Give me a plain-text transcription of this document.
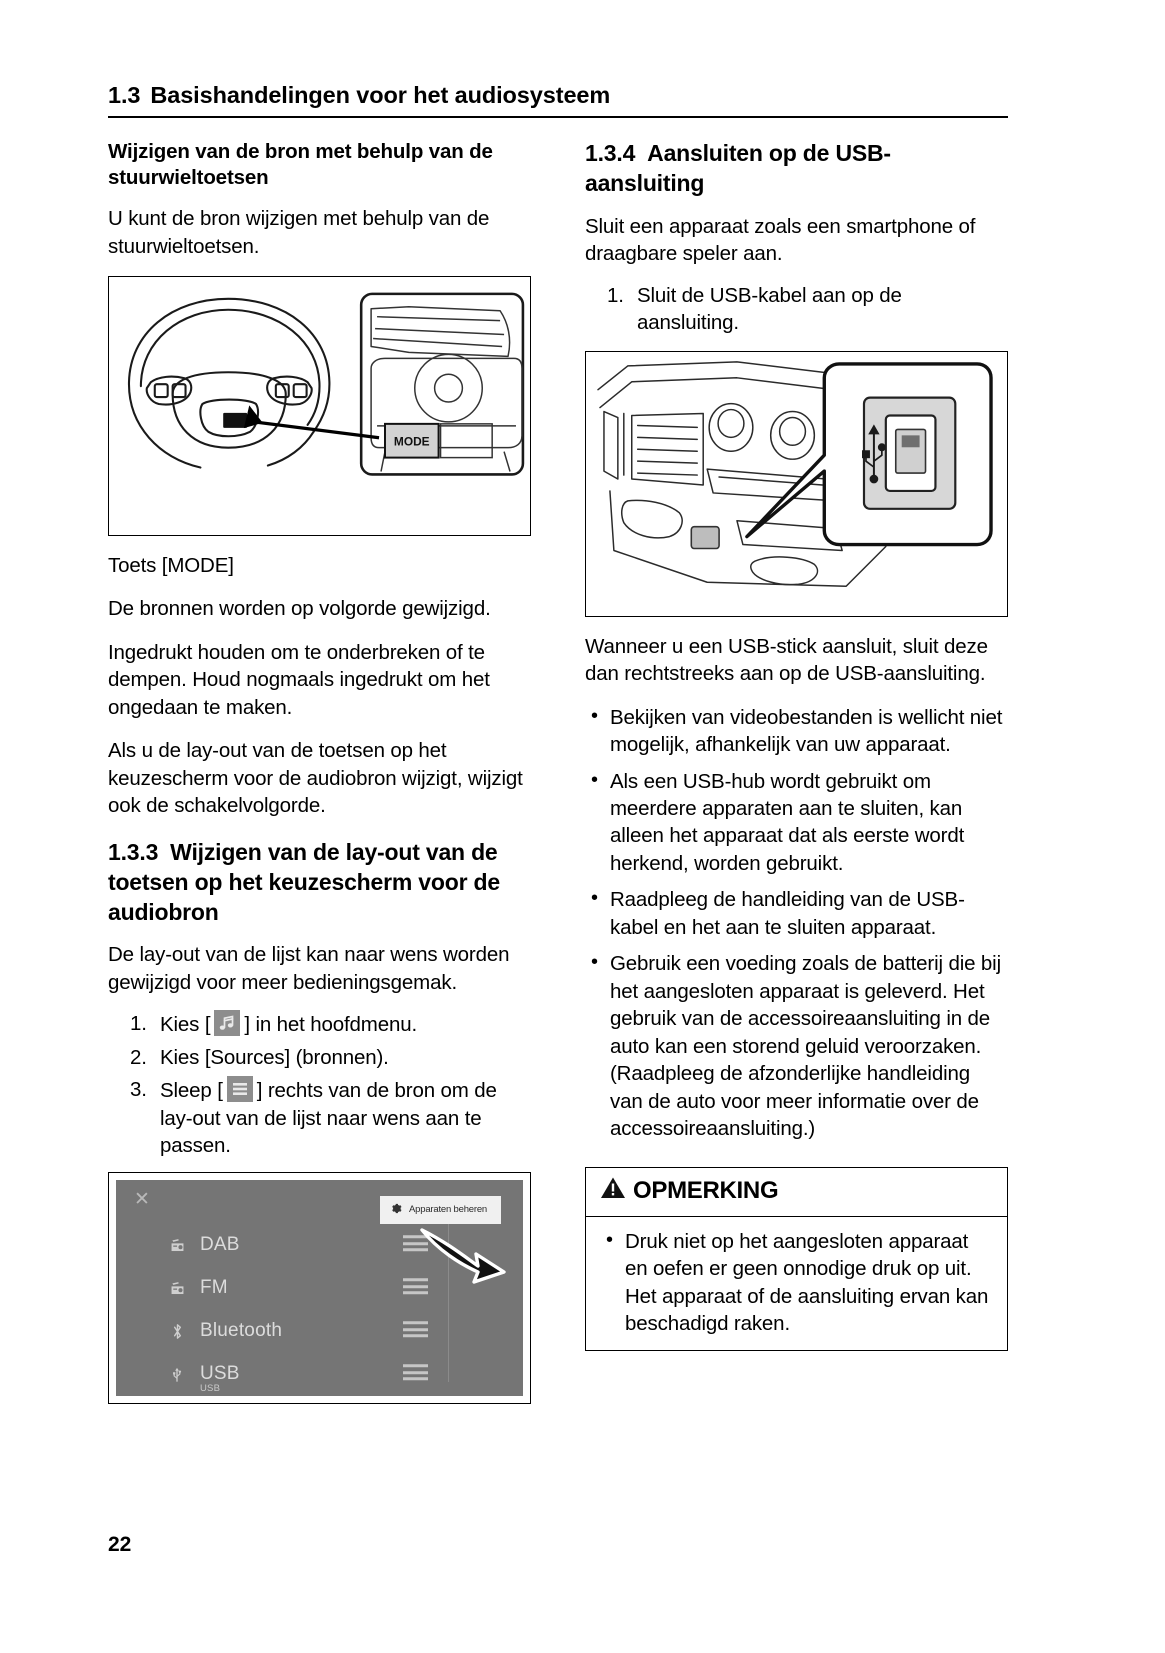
1.3 Basishandelingen voor het audiosysteem
Wijzigen van de bron met behulp van de stuurwieltoetsen

U kunt de bron wijzigen met behulp van de stuurwieltoetsen.

MODE

Toets [MODE]

De bronnen worden op volgorde gewijzigd.

Ingedrukt houden om te onderbreken of te dempen. Houd nogmaals ingedrukt om het ongedaan te maken.

Als u de lay-out van de toetsen op het keuzescherm voor de audiobron wijzigt, wijzigt ook de schakelvolgorde.

1.3.3 Wijzigen van de lay-out van de toetsen op het keuzescherm voor de audiobron

De lay-out van de lijst kan naar wens worden gewijzigd voor meer bedieningsgemak.

1. Kies [ ] in het hoofdmenu.
2. Kies [Sources] (bronnen).
3. Sleep [ ] rechts van de bron om de lay-out van de lijst naar wens aan te passen.
✕	Apparaten beheren
DAB
FM
Bluetooth
USB
USB
1.3.4 Aansluiten op de USB-aansluiting

Sluit een apparaat zoals een smartphone of draagbare speler aan.

1. Sluit de USB-kabel aan op de aansluiting.

Wanneer u een USB-stick aansluit, sluit deze dan rechtstreeks aan op de USB-aansluiting.

• Bekijken van videobestanden is wellicht niet mogelijk, afhankelijk van uw apparaat.
• Als een USB-hub wordt gebruikt om meerdere apparaten aan te sluiten, kan alleen het apparaat dat als eerste wordt herkend, worden gebruikt.
• Raadpleeg de handleiding van de USB-kabel en het aan te sluiten apparaat.
• Gebruik een voeding zoals de batterij die bij het aangesloten apparaat is geleverd. Het gebruik van de accessoireaansluiting in de auto kan een storend geluid veroorzaken. (Raadpleeg de afzonderlijke handleiding van de auto voor meer informatie over de accessoireaansluiting.)
OPMERKING
• Druk niet op het aangesloten apparaat en oefen er geen onnodige druk op uit. Het apparaat of de aansluiting ervan kan beschadigd raken.
22
